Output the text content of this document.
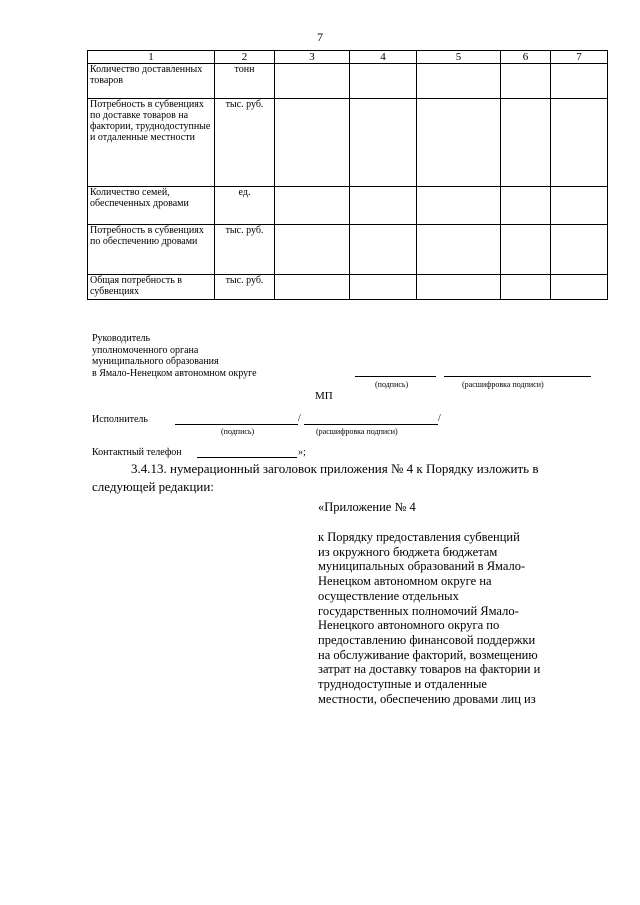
7
1	2	3	4	5	6	7
Количество доставленных товаров	тонн					
Потребность в субвенциях по доставке товаров на фактории, труднодоступные и отдаленные местности	тыс. руб.					
Количество семей, обеспеченных дровами	ед.					
Потребность в субвенциях по обеспечению дровами	тыс. руб.					
Общая потребность в субвенциях	тыс. руб.					
Руководитель
уполномоченного органа
муниципального образования
в Ямало-Ненецком автономном округе
(подпись)	(расшифровка подписи)
МП
Исполнитель	/	/
(подпись)	(расшифровка подписи)
Контактный телефон	»;
3.4.13. нумерационный заголовок приложения № 4 к Порядку изложить в
следующей редакции:
«Приложение № 4
к Порядку предоставления субвенций
из окружного бюджета бюджетам
муниципальных образований в Ямало-
Ненецком автономном округе на
осуществление отдельных
государственных полномочий Ямало-
Ненецкого автономного округа по
предоставлению финансовой поддержки
на обслуживание факторий, возмещению
затрат на доставку товаров на фактории и
труднодоступные и отдаленные
местности, обеспечению дровами лиц из
